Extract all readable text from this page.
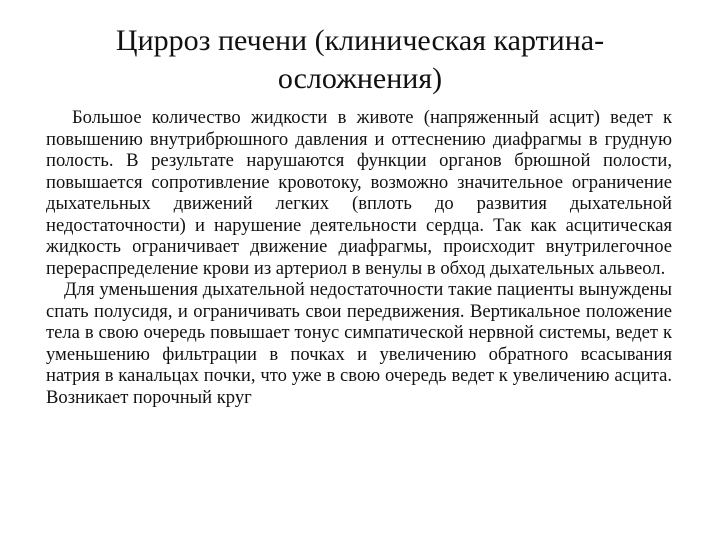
Цирроз печени (клиническая картина-
осложнения)

Большое количество жидкости в животе (напряженный асцит) ведет к повышению внутрибрюшного давления и оттеснению диафрагмы в грудную полость. В результате нарушаются функции органов брюшной полости, повышается сопротивление кровотоку, возможно значительное ограничение дыхательных движений легких (вплоть до развития дыхательной недостаточности) и нарушение деятельности сердца. Так как асцитическая жидкость ограничивает движение диафрагмы, происходит внутрилегочное перераспределение крови из артериол в венулы в обход дыхательных альвеол.

Для уменьшения дыхательной недостаточности такие пациенты вынуждены спать полусидя, и ограничивать свои передвижения. Вертикальное положение тела в свою очередь повышает тонус симпатической нервной системы, ведет к уменьшению фильтрации в почках и увеличению обратного всасывания натрия в канальцах почки, что уже в свою очередь ведет к увеличению асцита. Возникает порочный круг
